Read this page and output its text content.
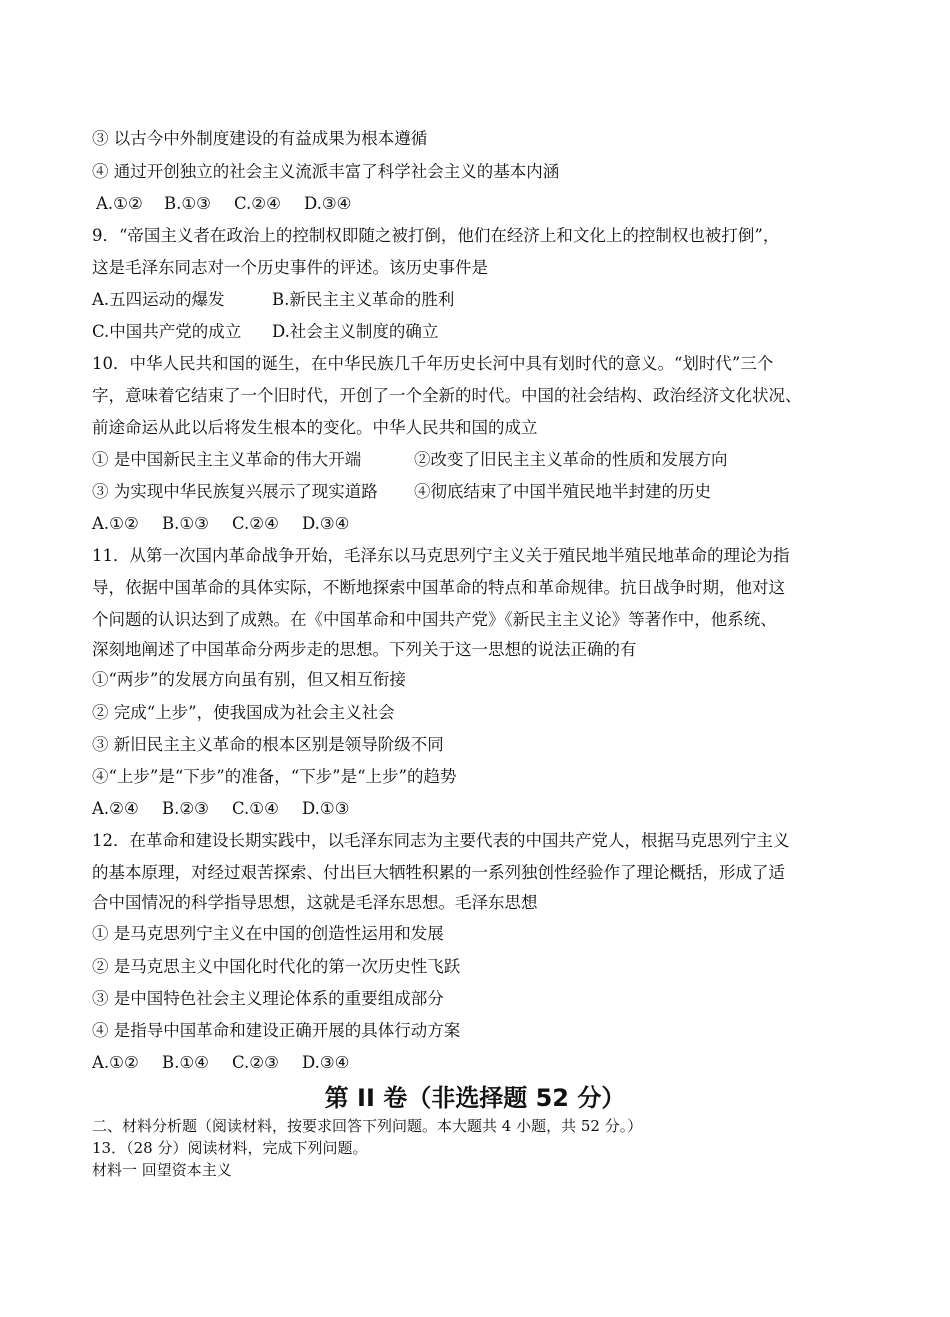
③ 以古今中外制度建设的有益成果为根本遵循
④ 通过开创独立的社会主义流派丰富了科学社会主义的基本内涵
A.①② B.①③ C.②④ D.③④
9．“帝国主义者在政治上的控制权即随之被打倒，他们在经济上和文化上的控制权也被打倒”，
这是毛泽东同志对一个历史事件的评述。该历史事件是
A.五四运动的爆发	B.新民主主义革命的胜利
C.中国共产党的成立 D.社会主义制度的确立
10．中华人民共和国的诞生，在中华民族几千年历史长河中具有划时代的意义。“划时代”三个
字，意味着它结束了一个旧时代，开创了一个全新的时代。中国的社会结构、政治经济文化状况、
前途命运从此以后将发生根本的变化。中华人民共和国的成立
① 是中国新民主主义革命的伟大开端	②改变了旧民主主义革命的性质和发展方向
③ 为实现中华民族复兴展示了现实道路 ④彻底结束了中国半殖民地半封建的历史
A.①② B.①③ C.②④ D.③④
11．从第一次国内革命战争开始，毛泽东以马克思列宁主义关于殖民地半殖民地革命的理论为指
导，依据中国革命的具体实际，不断地探索中国革命的特点和革命规律。抗日战争时期，他对这
个问题的认识达到了成熟。在《中国革命和中国共产党》《新民主主义论》等著作中，他系统、
深刻地阐述了中国革命分两步走的思想。下列关于这一思想的说法正确的有
①“两步”的发展方向虽有别，但又相互衔接
② 完成“上步”，使我国成为社会主义社会
③ 新旧民主主义革命的根本区别是领导阶级不同
④“上步”是“下步”的准备，“下步”是“上步”的趋势
A.②④ B.②③ C.①④ D.①③
12．在革命和建设长期实践中，以毛泽东同志为主要代表的中国共产党人，根据马克思列宁主义
的基本原理，对经过艰苦探索、付出巨大牺牲积累的一系列独创性经验作了理论概括，形成了适
合中国情况的科学指导思想，这就是毛泽东思想。毛泽东思想
① 是马克思列宁主义在中国的创造性运用和发展
② 是马克思主义中国化时代化的第一次历史性飞跃
③ 是中国特色社会主义理论体系的重要组成部分
④ 是指导中国革命和建设正确开展的具体行动方案
A.①② B.①④ C.②③ D.③④
第 II 卷（非选择题 52 分）
二、材料分析题（阅读材料，按要求回答下列问题。本大题共 4 小题，共 52 分。）
13．（28 分）阅读材料，完成下列问题。
材料一 回望资本主义
